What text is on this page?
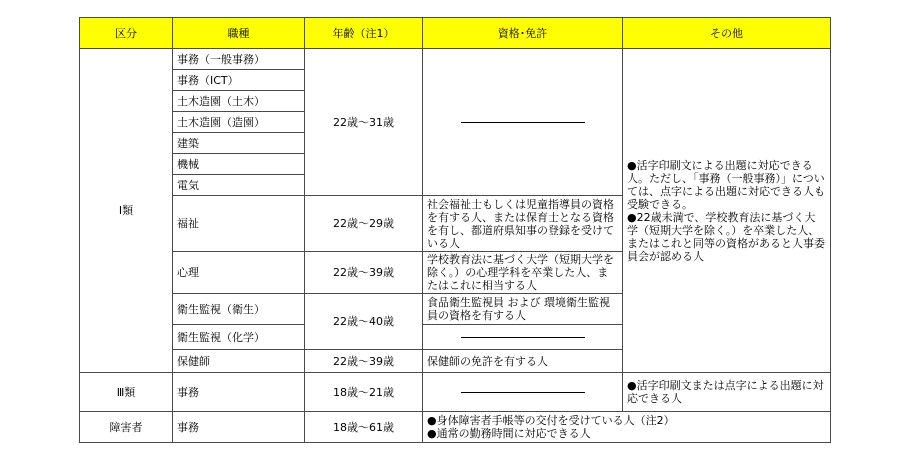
区分	職種	年齢（注1）	資格･免許	その他
Ⅰ類	事務（一般事務）	22歳～31歳		●活字印刷文による出題に対応できる人。ただし、「事務（一般事務）」については、点字による出題に対応できる人も受験できる。
●22歳未満で、学校教育法に基づく大学（短期大学を除く。）を卒業した人、またはこれと同等の資格があると人事委員会が認める人

	事務（ICT）			
	土木造園（土木）			
	土木造園（造園）			
	建築			
	機械			
	電気			
	福祉	22歳～29歳	社会福祉士もしくは児童指導員の資格を有する人、または保育士となる資格を有し、都道府県知事の登録を受けている人	
	心理	22歳～39歳	学校教育法に基づく大学（短期大学を除く。）の心理学科を卒業した人、またはこれに相当する人	
	衛生監視（衛生）	22歳～40歳	食品衛生監視員 および 環境衛生監視員の資格を有する人	
	衛生監視（化学）			

	保健師	22歳～39歳	保健師の免許を有する人	
Ⅲ類	事務	18歳～21歳		●活字印刷文または点字による出題に対応できる人
障害者	事務	18歳～61歳	●身体障害者手帳等の交付を受けている人（注2）
●通常の勤務時間に対応できる人	
